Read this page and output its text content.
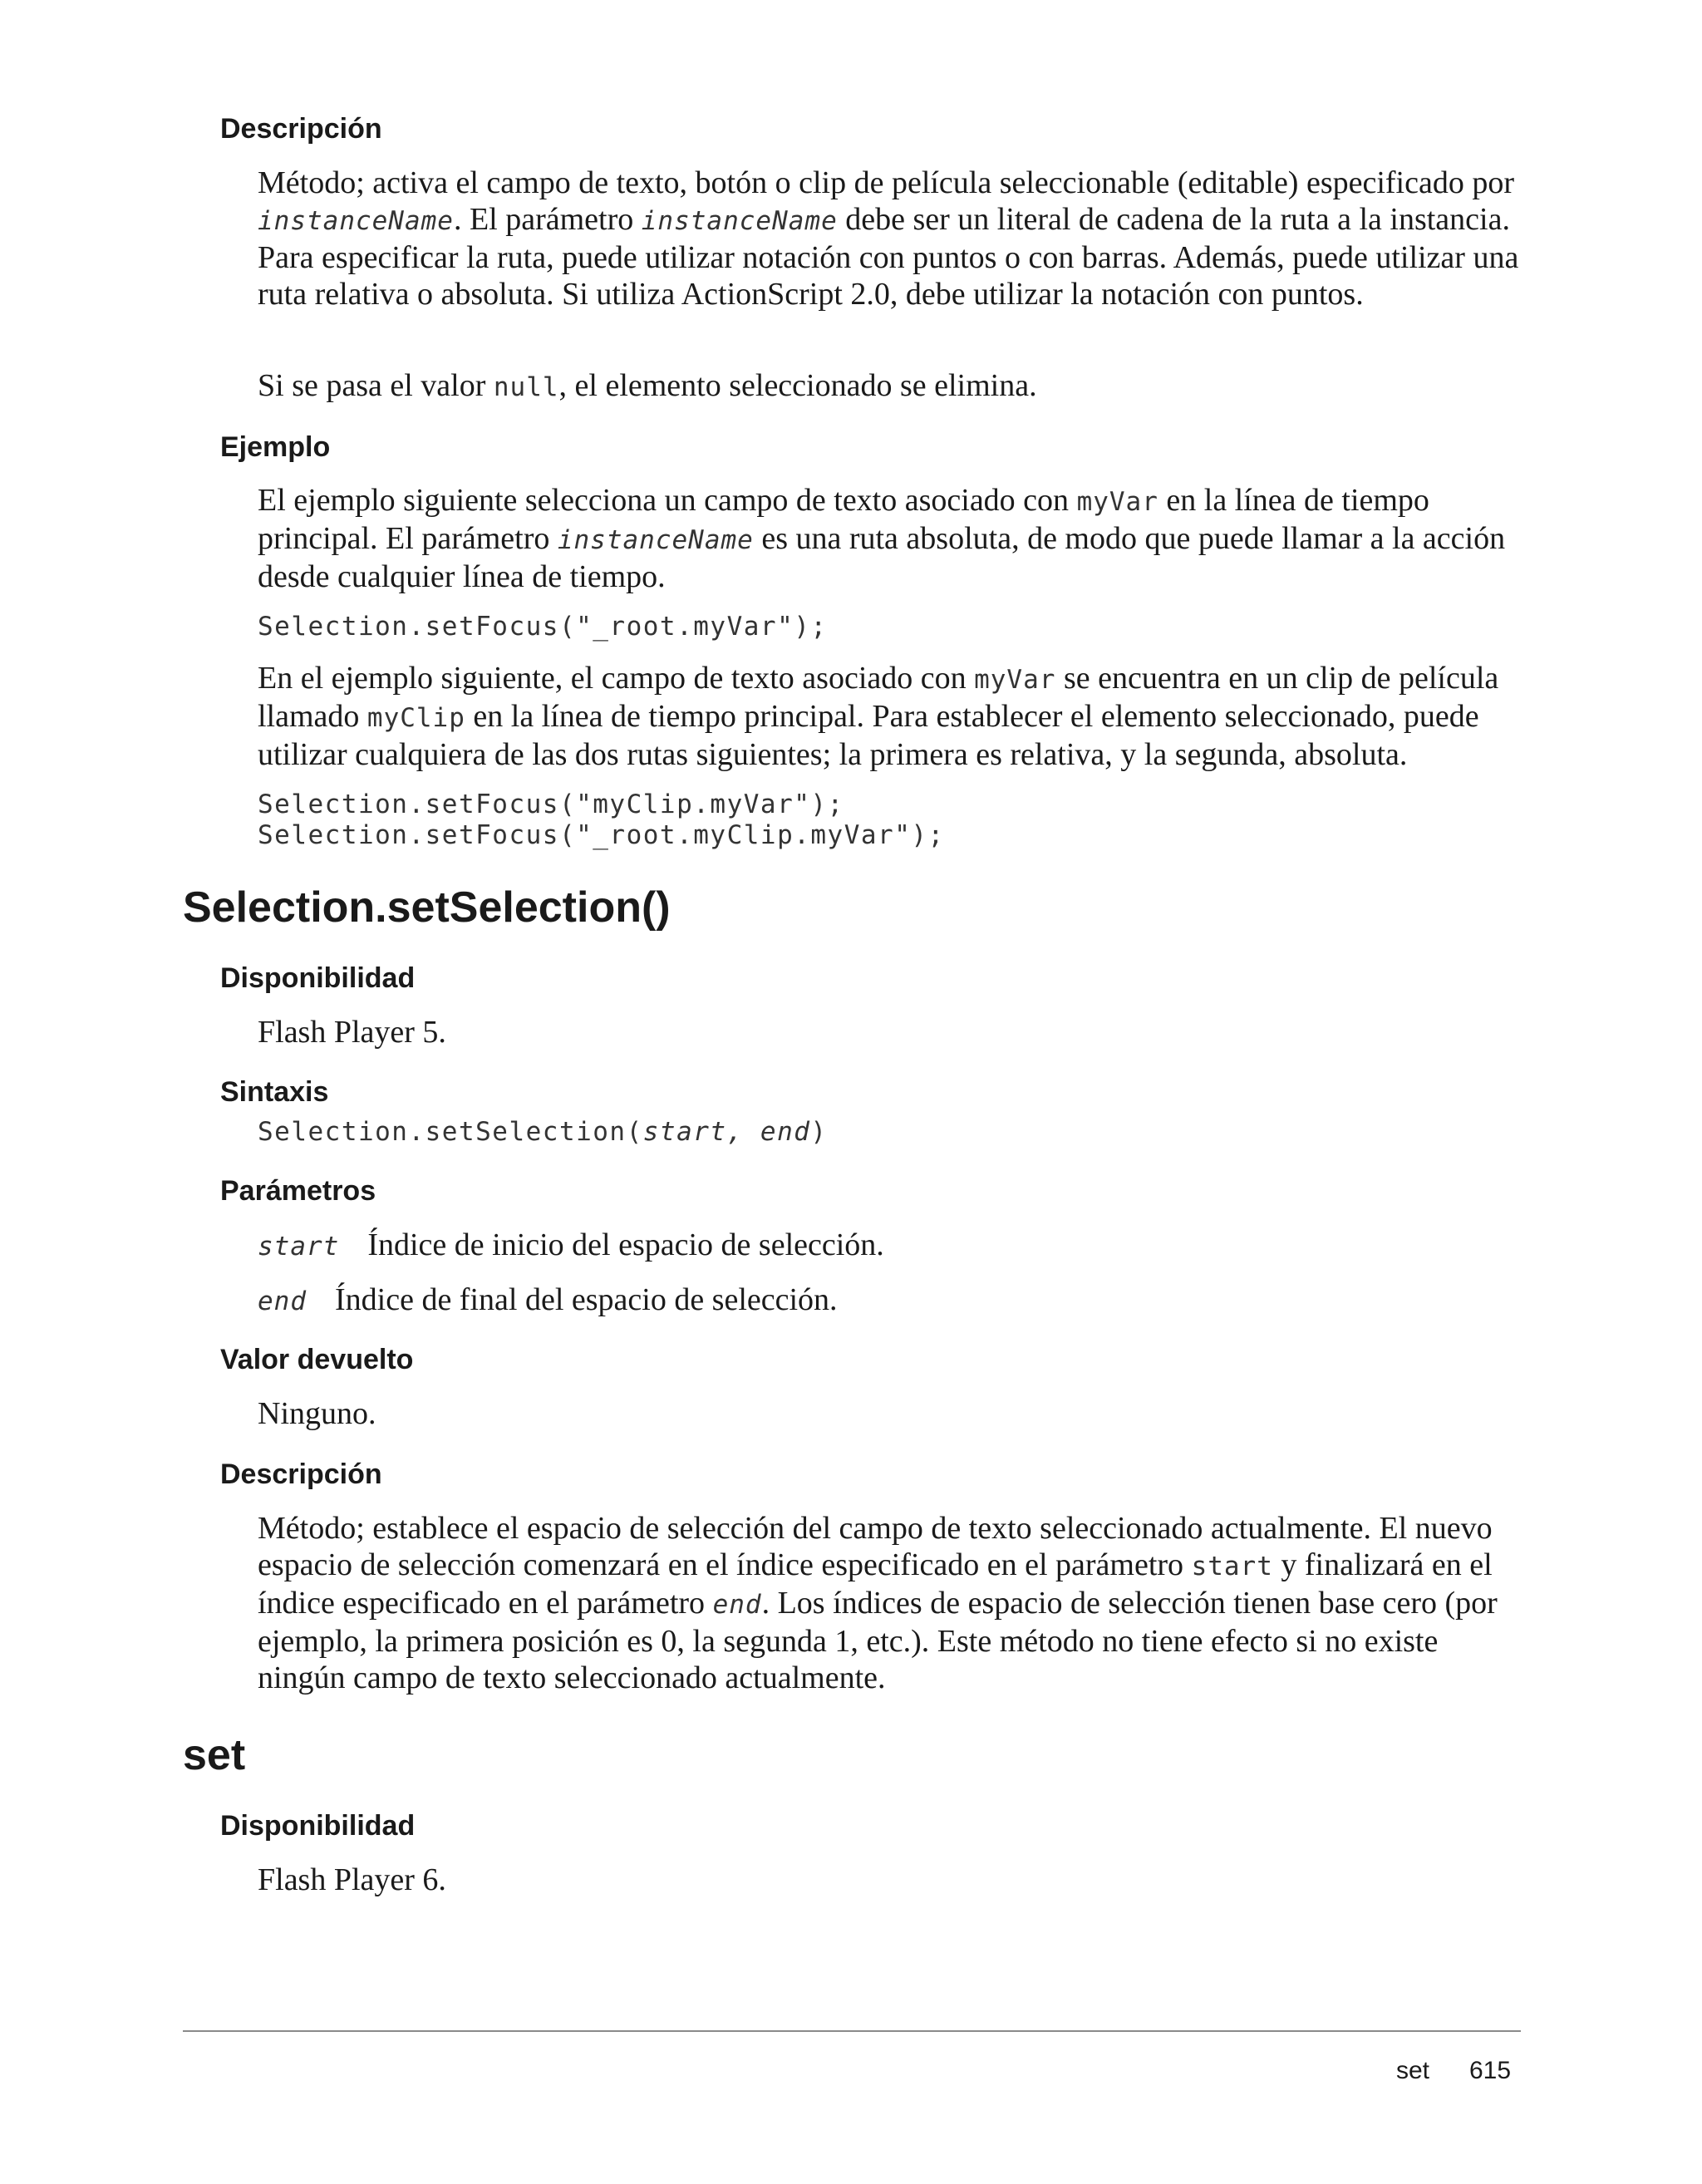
Descripción

Método; activa el campo de texto, botón o clip de película seleccionable (editable) especificado por instanceName. El parámetro instanceName debe ser un literal de cadena de la ruta a la instancia. Para especificar la ruta, puede utilizar notación con puntos o con barras. Además, puede utilizar una ruta relativa o absoluta. Si utiliza ActionScript 2.0, debe utilizar la notación con puntos.

Si se pasa el valor null, el elemento seleccionado se elimina.

Ejemplo

El ejemplo siguiente selecciona un campo de texto asociado con myVar en la línea de tiempo principal. El parámetro instanceName es una ruta absoluta, de modo que puede llamar a la acción desde cualquier línea de tiempo.

Selection.setFocus("_root.myVar");

En el ejemplo siguiente, el campo de texto asociado con myVar se encuentra en un clip de película llamado myClip en la línea de tiempo principal. Para establecer el elemento seleccionado, puede utilizar cualquiera de las dos rutas siguientes; la primera es relativa, y la segunda, absoluta.

Selection.setFocus("myClip.myVar");
Selection.setFocus("_root.myClip.myVar");
Selection.setSelection()
Disponibilidad

Flash Player 5.

Sintaxis
Selection.setSelection(start, end)
Parámetros

start Índice de inicio del espacio de selección.

end Índice de final del espacio de selección.

Valor devuelto

Ninguno.

Descripción

Método; establece el espacio de selección del campo de texto seleccionado actualmente. El nuevo espacio de selección comenzará en el índice especificado en el parámetro start y finalizará en el índice especificado en el parámetro end. Los índices de espacio de selección tienen base cero (por ejemplo, la primera posición es 0, la segunda 1, etc.). Este método no tiene efecto si no existe ningún campo de texto seleccionado actualmente.

set
Disponibilidad

Flash Player 6.

set 615
